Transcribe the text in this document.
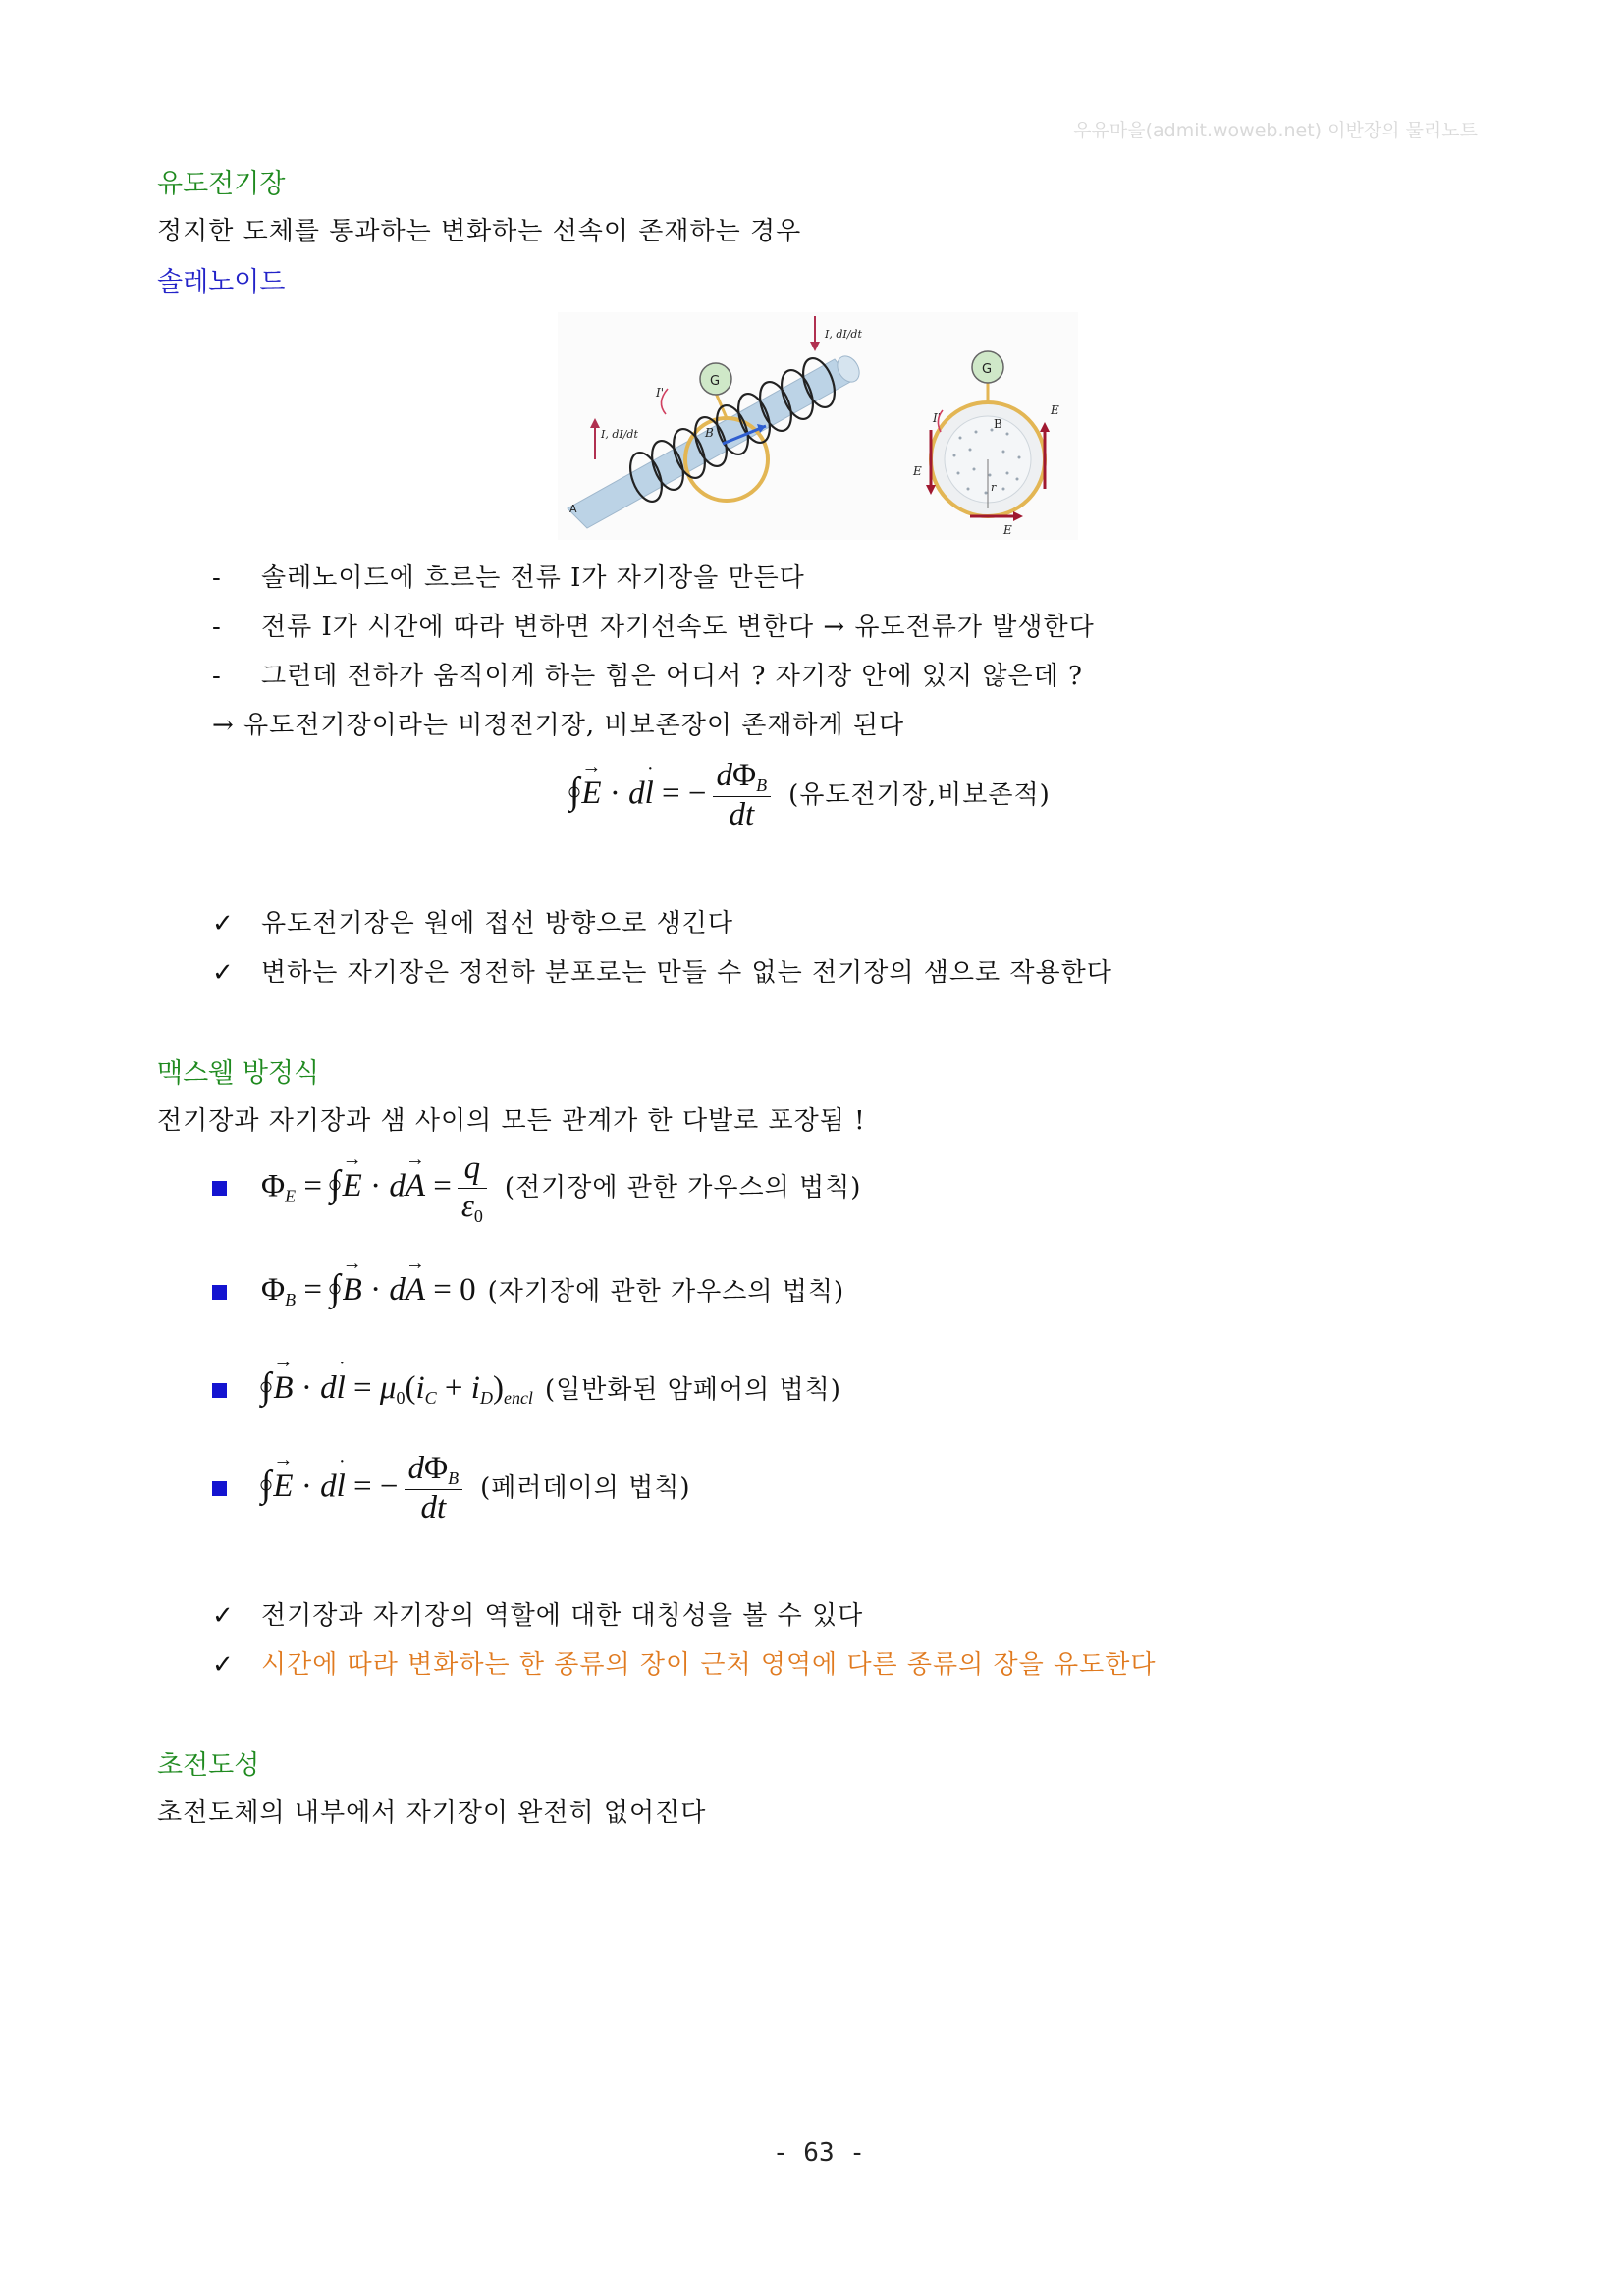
우유마을(admit.woweb.net) 이반장의 물리노트
유도전기장
정지한 도체를 통과하는 변화하는 선속이 존재하는 경우
솔레노이드
G
B
I'
I, dI/dt
I, dI/dt
A
G
B
r
E
E
E
I'
- 솔레노이드에 흐르는 전류 I가 자기장을 만든다
- 전류 I가 시간에 따라 변하면 자기선속도 변한다 → 유도전류가 발생한다
- 그런데 전하가 움직이게 하는 힘은 어디서 ? 자기장 안에 있지 않은데 ?
→ 유도전기장이라는 비정전기장, 비보존장이 존재하게 된다
∫→ E · d˙ l = − $\frac{d\Phi_B}{dt}$ (유도전기장,비보존적)
✓ 유도전기장은 원에 접선 방향으로 생긴다
✓ 변하는 자기장은 정전하 분포로는 만들 수 없는 전기장의 샘으로 작용한다
맥스웰 방정식
전기장과 자기장과 샘 사이의 모든 관계가 한 다발로 포장됨 !
$\Phi_E$ = ∫→ $E \cdot d\to A = \frac{q}{\varepsilon_0}$ (전기장에 관한 가우스의 법칙)
$\Phi_B$ = ∫→ B · d→ A = 0 (자기장에 관한 가우스의 법칙)
∫→ B · d˙ $l = \mu_0(i_C + i_D)_{encl}$ (일반화된 암페어의 법칙)
∫→ E · d˙ l = − $\frac{d\Phi_B}{dt}$ (페러데이의 법칙)
✓ 전기장과 자기장의 역할에 대한 대칭성을 볼 수 있다
✓ 시간에 따라 변화하는 한 종류의 장이 근처 영역에 다른 종류의 장을 유도한다
초전도성
초전도체의 내부에서 자기장이 완전히 없어진다
- 63 -
